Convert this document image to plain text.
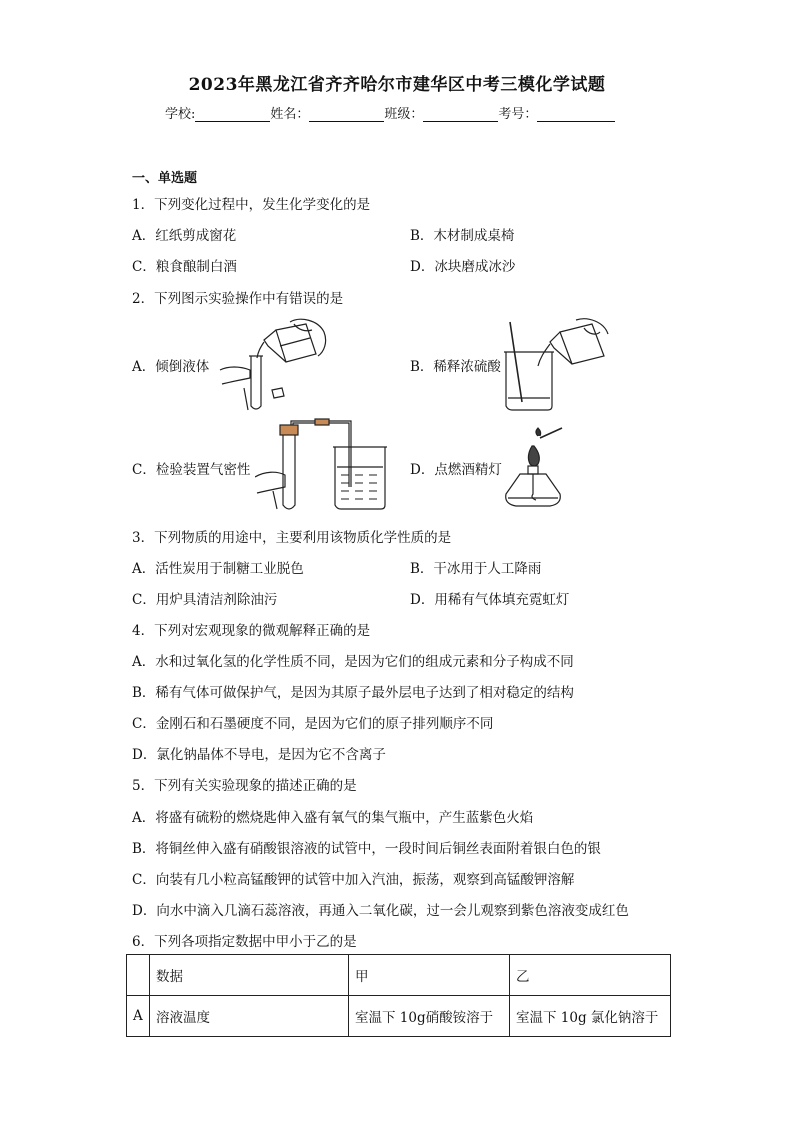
2023年黑龙江省齐齐哈尔市建华区中考三模化学试题
学校:	姓名：	班级：	考号：
一、单选题
1．下列变化过程中，发生化学变化的是
A．红纸剪成窗花	B．木材制成桌椅
C．粮食酿制白酒	D．冰块磨成冰沙
2．下列图示实验操作中有错误的是
A．倾倒液体	B．稀释浓硫酸
C．检验装置气密性	D．点燃酒精灯
3．下列物质的用途中，主要利用该物质化学性质的是
A．活性炭用于制糖工业脱色	B．干冰用于人工降雨
C．用炉具清洁剂除油污	D．用稀有气体填充霓虹灯
4．下列对宏观现象的微观解释正确的是
A．水和过氧化氢的化学性质不同，是因为它们的组成元素和分子构成不同
B．稀有气体可做保护气，是因为其原子最外层电子达到了相对稳定的结构
C．金刚石和石墨硬度不同，是因为它们的原子排列顺序不同
D．氯化钠晶体不导电，是因为它不含离子
5．下列有关实验现象的描述正确的是
A．将盛有硫粉的燃烧匙伸入盛有氧气的集气瓶中，产生蓝紫色火焰
B．将铜丝伸入盛有硝酸银溶液的试管中，一段时间后铜丝表面附着银白色的银
C．向装有几小粒高锰酸钾的试管中加入汽油，振荡，观察到高锰酸钾溶解
D．向水中滴入几滴石蕊溶液，再通入二氧化碳，过一会儿观察到紫色溶液变成红色
6．下列各项指定数据中甲小于乙的是
	数据	甲	乙
A	溶液温度	室温下 10g硝酸铵溶于	室温下 10g 氯化钠溶于
